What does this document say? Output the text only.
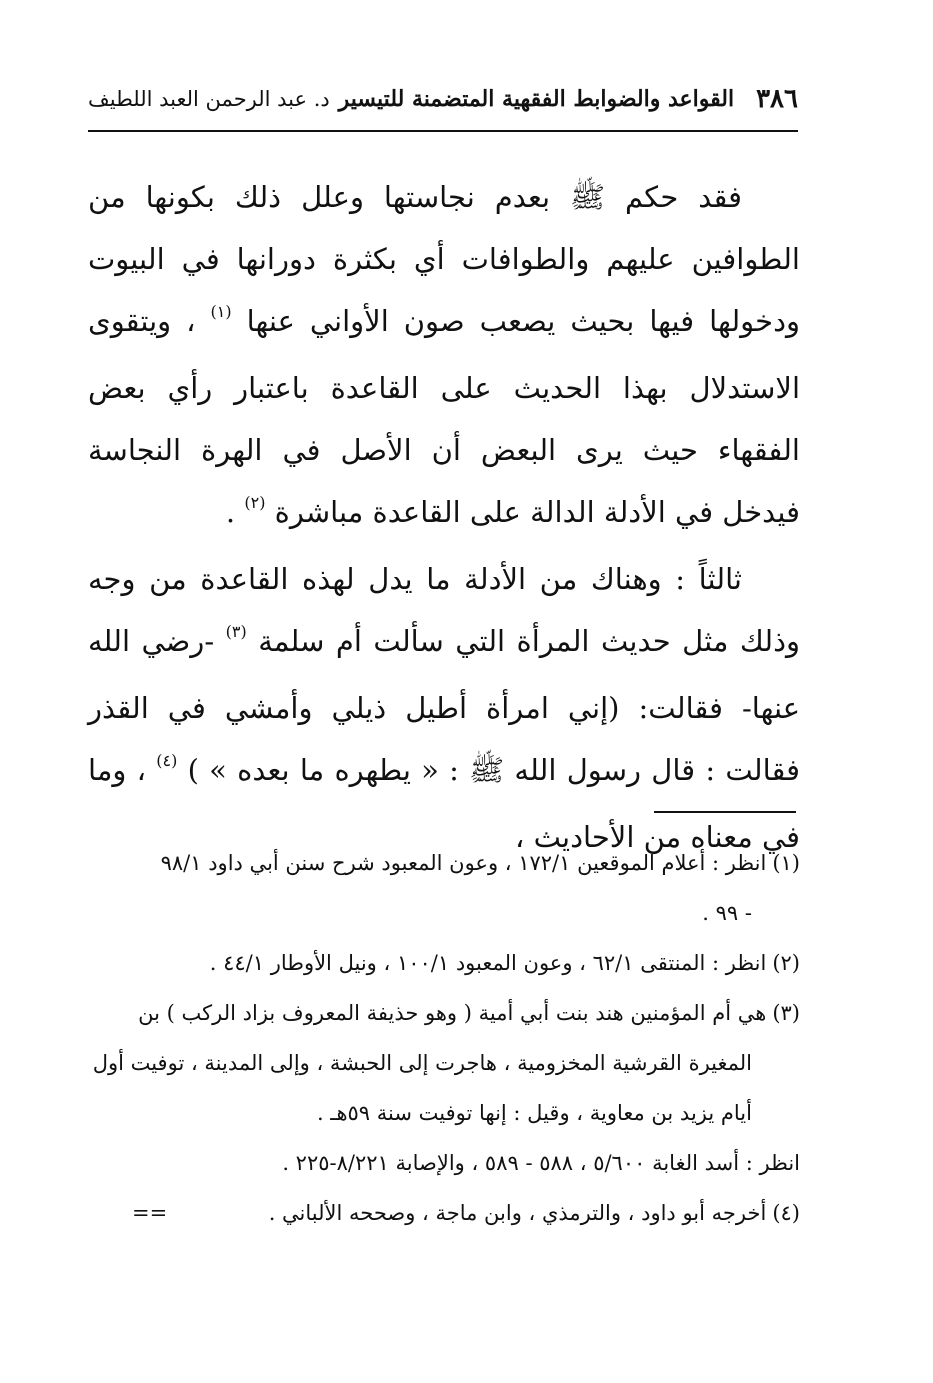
٣٨٦
القواعد والضوابط الفقهية المتضمنة للتيسير
د. عبد الرحمن العبد اللطيف

فقد حكم ﷺ بعدم نجاستها وعلل ذلك بكونها من الطوافين عليهم والطوافات أي بكثرة دورانها في البيوت ودخولها فيها بحيث يصعب صون الأواني عنها $^{(١)}$ ، ويتقوى الاستدلال بهذا الحديث على القاعدة باعتبار رأي بعض الفقهاء حيث يرى البعض أن الأصل في الهرة النجاسة فيدخل في الأدلة الدالة على القاعدة مباشرة $^{(٢)}$ .

ثالثاً : وهناك من الأدلة ما يدل لهذه القاعدة من وجه وذلك مثل حديث المرأة التي سألت أم سلمة $^{(٣)}$ -رضي الله عنها- فقالت: (إني امرأة أطيل ذيلي وأمشي في القذر فقالت : قال رسول الله ﷺ : « يطهره ما بعده » ) $^{(٤)}$ ، وما في معناه من الأحاديث ،

(١)انظر : أعلام الموقعين ١٧٢/١ ، وعون المعبود شرح سنن أبي داود ٩٨/١
- ٩٩ .
(٢)انظر : المنتقى ٦٢/١ ، وعون المعبود ١٠٠/١ ، ونيل الأوطار ٤٤/١ .
(٣)هي أم المؤمنين هند بنت أبي أمية ( وهو حذيفة المعروف بزاد الركب ) بن
المغيرة القرشية المخزومية ، هاجرت إلى الحبشة ، وإلى المدينة ، توفيت أول
أيام يزيد بن معاوية ، وقيل : إنها توفيت سنة ٥٩هـ .
انظر : أسد الغابة ٥/٦٠٠ ، ٥٨٨ - ٥٨٩ ، والإصابة ٨/٢٢١-٢٢٥ .
(٤)أخرجه أبو داود ، والترمذي ، وابن ماجة ، وصححه الألباني .
==
